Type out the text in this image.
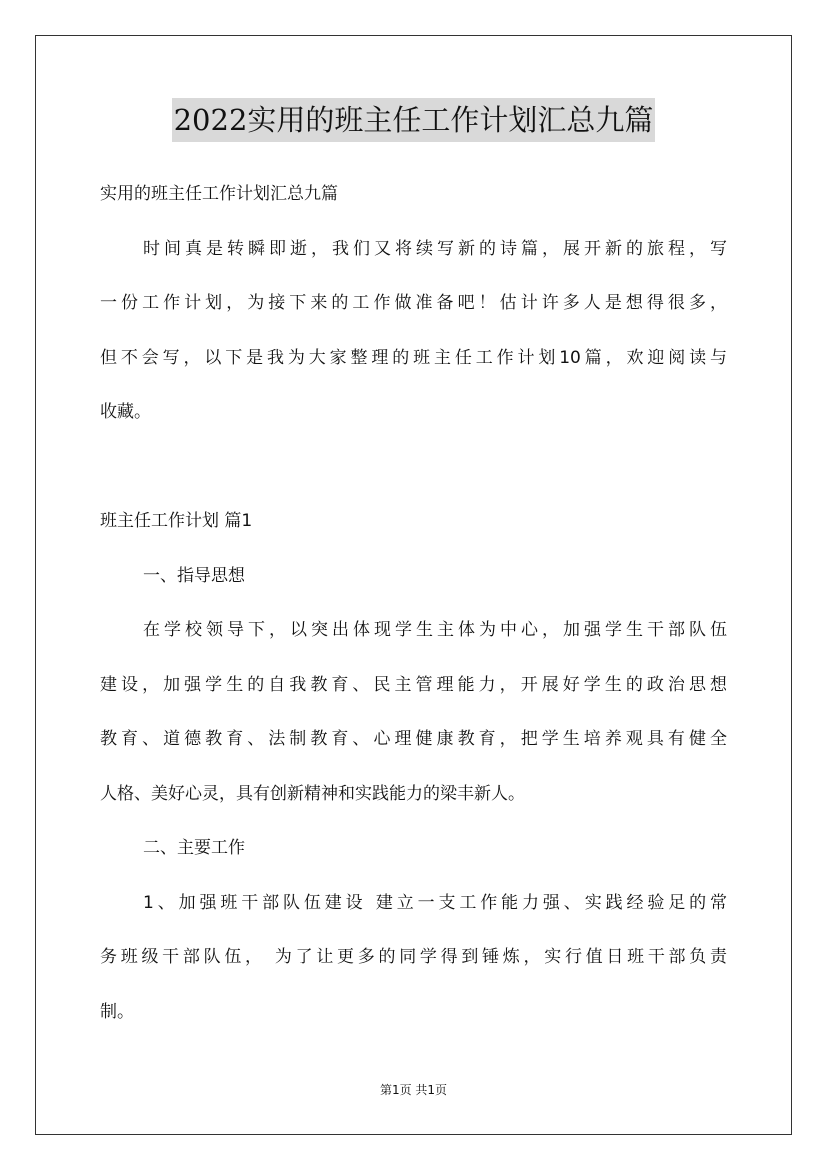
2022实用的班主任工作计划汇总九篇
实用的班主任工作计划汇总九篇
时间真是转瞬即逝，我们又将续写新的诗篇，展开新的旅程，写
一份工作计划，为接下来的工作做准备吧！估计许多人是想得很多，
但不会写，以下是我为大家整理的班主任工作计划10篇，欢迎阅读与
收藏。
班主任工作计划 篇1
一、指导思想
在学校领导下，以突出体现学生主体为中心，加强学生干部队伍
建设，加强学生的自我教育、民主管理能力，开展好学生的政治思想
教育、道德教育、法制教育、心理健康教育，把学生培养观具有健全
人格、美好心灵，具有创新精神和实践能力的梁丰新人。
二、主要工作
1、加强班干部队伍建设 建立一支工作能力强、实践经验足的常
务班级干部队伍， 为了让更多的同学得到锤炼，实行值日班干部负责
制。
第1页 共1页
